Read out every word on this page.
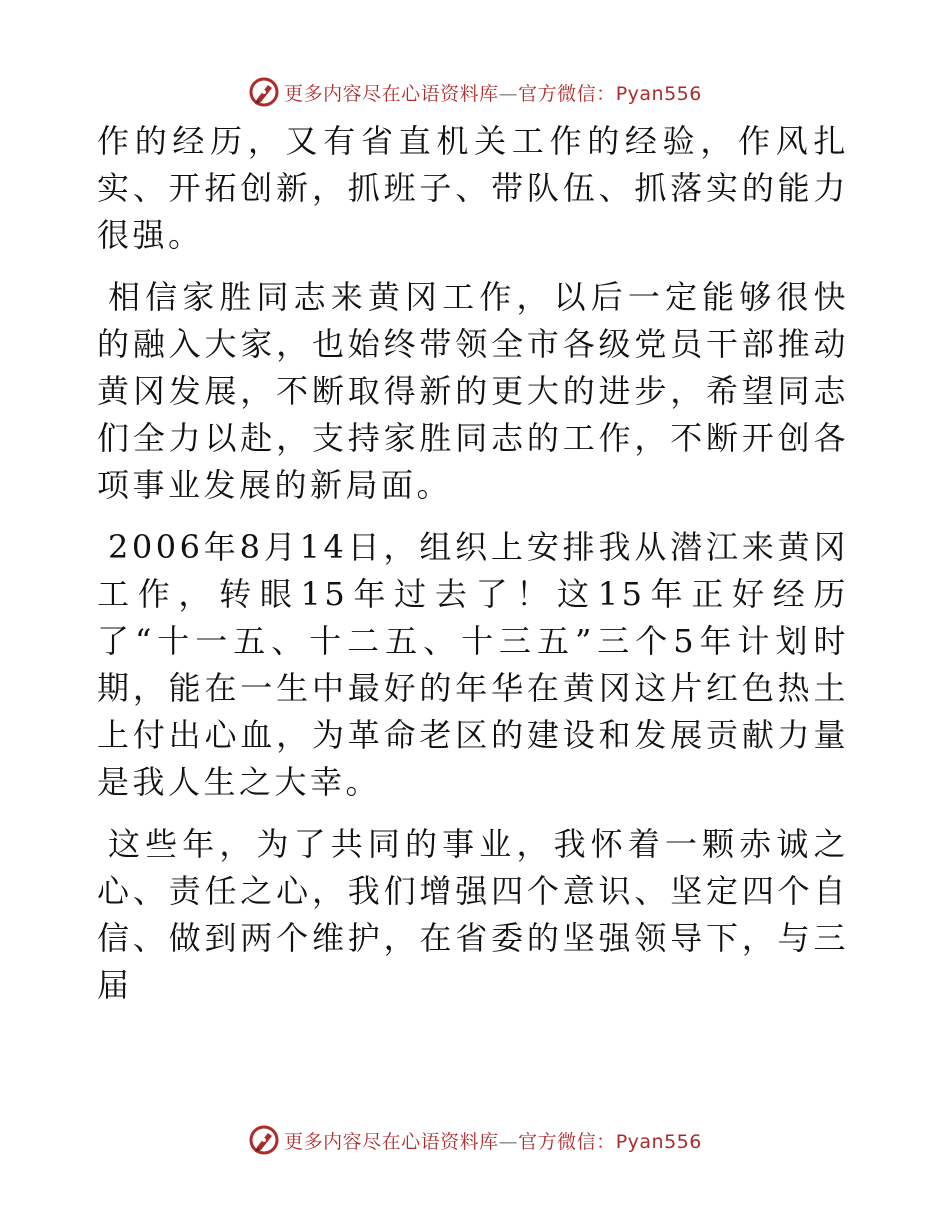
更多内容尽在心语资料库—官方微信：Pyan556

作的经历，又有省直机关工作的经验，作风扎实、开拓创新，抓班子、带队伍、抓落实的能力很强。

相信家胜同志来黄冈工作，以后一定能够很快的融入大家，也始终带领全市各级党员干部推动黄冈发展，不断取得新的更大的进步，希望同志们全力以赴，支持家胜同志的工作，不断开创各项事业发展的新局面。

2006年8月14日，组织上安排我从潜江来黄冈工作，转眼15年过去了！这15年正好经历了“十一五、十二五、十三五”三个5年计划时期，能在一生中最好的年华在黄冈这片红色热土上付出心血，为革命老区的建设和发展贡献力量是我人生之大幸。

这些年，为了共同的事业，我怀着一颗赤诚之心、责任之心，我们增强四个意识、坚定四个自信、做到两个维护，在省委的坚强领导下，与三届

更多内容尽在心语资料库—官方微信：Pyan556
